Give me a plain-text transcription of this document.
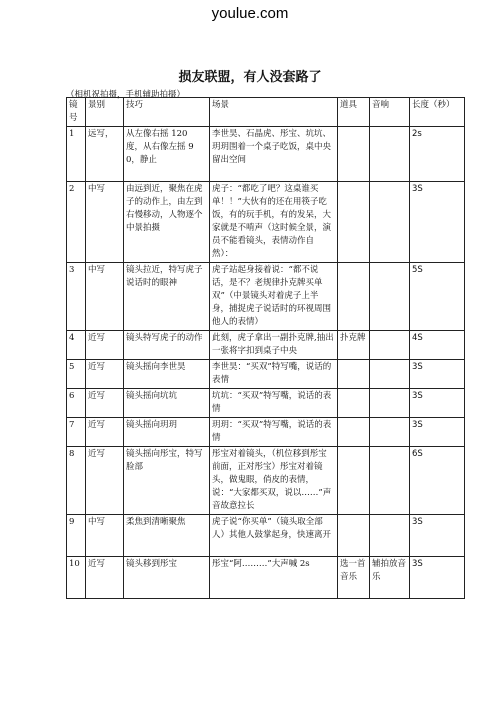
youlue.com
损友联盟，有人没套路了
（相机祝拍摄，手机辅助拍摄）
镜号	景别	技巧	场景	道具	音响	长度（秒）
1	远写，	从左像右摇 120 度，从右像左摇 90，静止	李世昊、石晶虎、彤宝、坑坑、玥玥围着一个桌子吃饭，桌中央留出空间			2s
2	中写	由远到近，聚焦在虎子的动作上，由左到右慢移动，人物逐个中景拍摄	虎子：“都吃了吧？这桌谁买单！！”大伙有的还在用筷子吃饭，有的玩手机，有的发呆，大家就是不啃声（这时候全景，演员不能看镜头，表情动作自然）：			3S
3	中写	镜头拉近，特写虎子说话时的眼神	虎子站起身接着说：“都不说话，是不？老规律扑克牌买单双”（中景镜头对着虎子上半身，捕捉虎子说话时的环视周围他人的表情）			5S
4	近写	镜头特写虎子的动作	此刻，虎子拿出一副扑克牌,抽出一张将字扣到桌子中央	扑克牌		4S
5	近写	镜头摇向李世昊	李世昊：“买双”特写嘴，说话的表情			3S
6	近写	镜头摇向坑坑	坑坑：“买双”特写嘴，说话的表情			3S
7	近写	镜头摇向玥玥	玥玥：“买双”特写嘴，说话的表情			3S
8	近写	镜头摇向彤宝，特写脸部	彤宝对着镜头，（机位移到彤宝前面，正对彤宝）彤宝对着镜头，做鬼眼，俏皮的表情，说：“大家都买双，说以……”声音故意拉长			6S
9	中写	柔焦到清晰聚焦	虎子说“你买单”（镜头取全部人）其他人鼓掌起身，快速离开			3S
10	近写	镜头移到彤宝	彤宝“阿………”大声喊 2s	选一首音乐	辅拍放音乐	3S
